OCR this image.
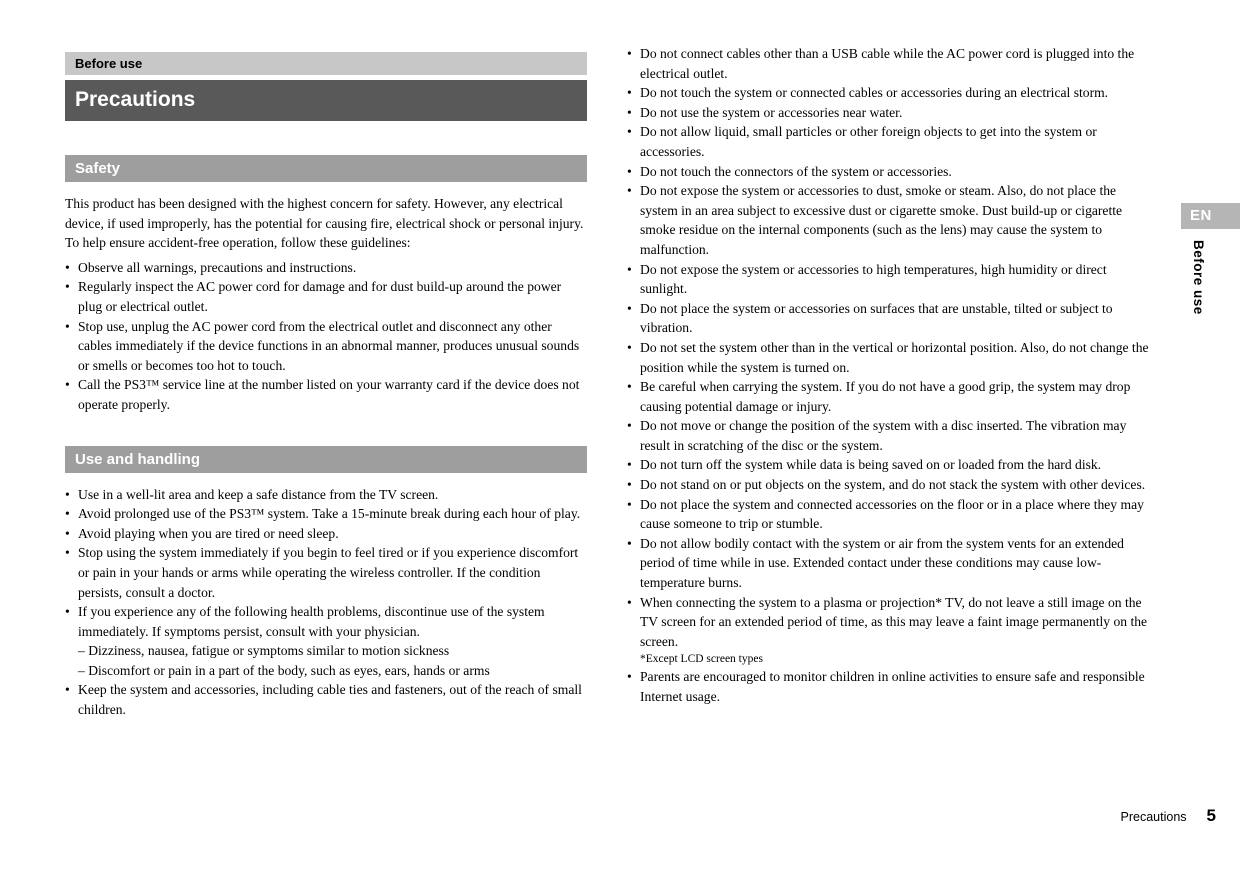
Before use
Precautions
Safety

This product has been designed with the highest concern for safety. However, any electrical device, if used improperly, has the potential for causing fire, electrical shock or personal injury. To help ensure accident-free operation, follow these guidelines:

• Observe all warnings, precautions and instructions.
• Regularly inspect the AC power cord for damage and for dust build-up around the power plug or electrical outlet.
• Stop use, unplug the AC power cord from the electrical outlet and disconnect any other cables immediately if the device functions in an abnormal manner, produces unusual sounds or smells or becomes too hot to touch.
• Call the PS3™ service line at the number listed on your warranty card if the device does not operate properly.
Use and handling
• Use in a well-lit area and keep a safe distance from the TV screen.
• Avoid prolonged use of the PS3™ system. Take a 15-minute break during each hour of play.
• Avoid playing when you are tired or need sleep.
• Stop using the system immediately if you begin to feel tired or if you experience discomfort or pain in your hands or arms while operating the wireless controller. If the condition persists, consult a doctor.
• If you experience any of the following health problems, discontinue use of the system immediately. If symptoms persist, consult with your physician.
– Dizziness, nausea, fatigue or symptoms similar to motion sickness
– Discomfort or pain in a part of the body, such as eyes, ears, hands or arms
• Keep the system and accessories, including cable ties and fasteners, out of the reach of small children.
• Do not connect cables other than a USB cable while the AC power cord is plugged into the electrical outlet.
• Do not touch the system or connected cables or accessories during an electrical storm.
• Do not use the system or accessories near water.
• Do not allow liquid, small particles or other foreign objects to get into the system or accessories.
• Do not touch the connectors of the system or accessories.
• Do not expose the system or accessories to dust, smoke or steam. Also, do not place the system in an area subject to excessive dust or cigarette smoke. Dust build-up or cigarette smoke residue on the internal components (such as the lens) may cause the system to malfunction.
• Do not expose the system or accessories to high temperatures, high humidity or direct sunlight.
• Do not place the system or accessories on surfaces that are unstable, tilted or subject to vibration.
• Do not set the system other than in the vertical or horizontal position. Also, do not change the position while the system is turned on.
• Be careful when carrying the system. If you do not have a good grip, the system may drop causing potential damage or injury.
• Do not move or change the position of the system with a disc inserted. The vibration may result in scratching of the disc or the system.
• Do not turn off the system while data is being saved on or loaded from the hard disk.
• Do not stand on or put objects on the system, and do not stack the system with other devices.
• Do not place the system and connected accessories on the floor or in a place where they may cause someone to trip or stumble.
• Do not allow bodily contact with the system or air from the system vents for an extended period of time while in use. Extended contact under these conditions may cause low-temperature burns.
• When connecting the system to a plasma or projection* TV, do not leave a still image on the TV screen for an extended period of time, as this may leave a faint image permanently on the screen.
*Except LCD screen types
• Parents are encouraged to monitor children in online activities to ensure safe and responsible Internet usage.
EN
Before use
Precautions 5
